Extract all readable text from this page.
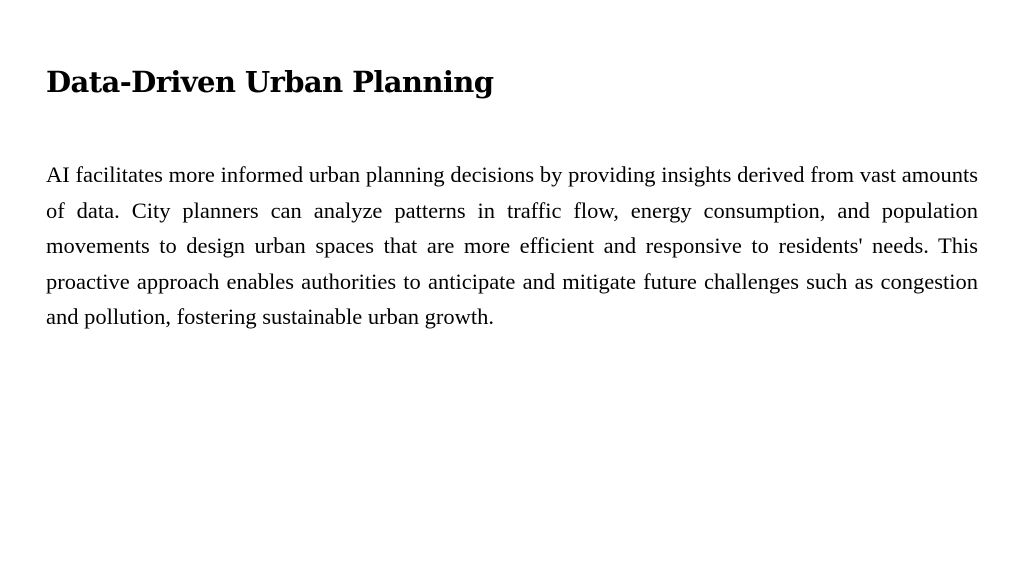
Data-Driven Urban Planning

AI facilitates more informed urban planning decisions by providing insights derived from vast amounts of data. City planners can analyze patterns in traffic flow, energy consumption, and population movements to design urban spaces that are more efficient and responsive to residents' needs. This proactive approach enables authorities to anticipate and mitigate future challenges such as congestion and pollution, fostering sustainable urban growth.
